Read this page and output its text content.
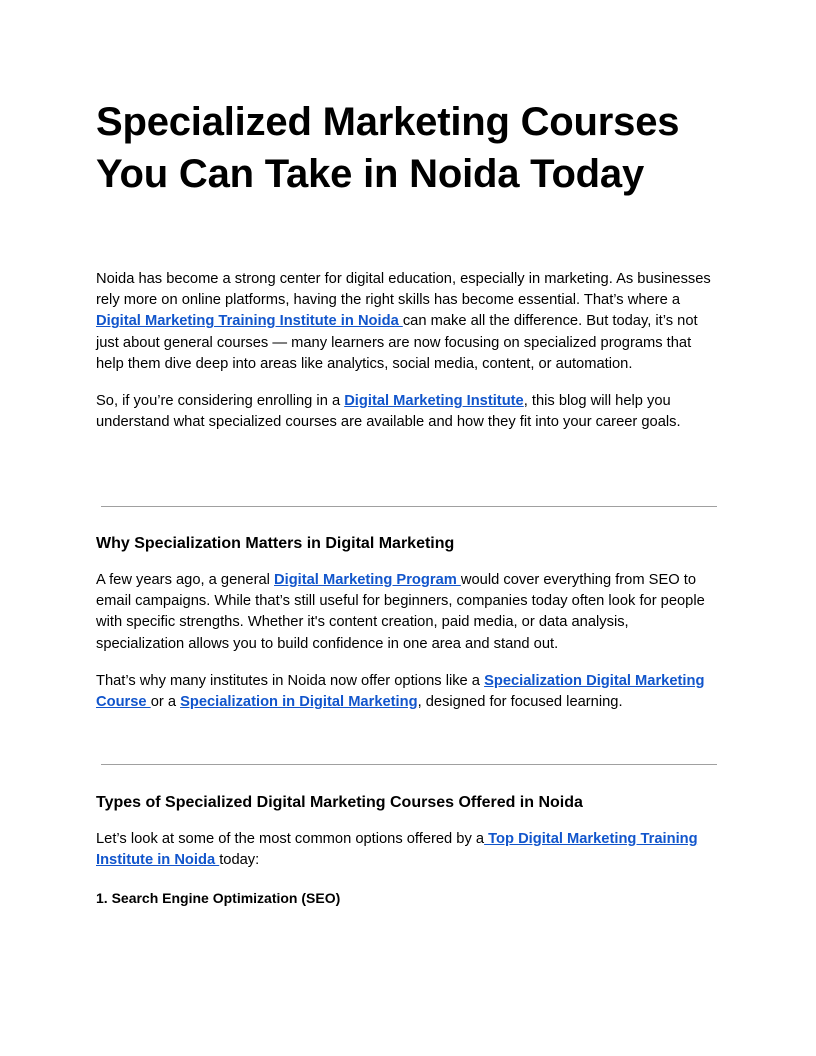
Specialized Marketing Courses You Can Take in Noida Today

Noida has become a strong center for digital education, especially in marketing. As businesses rely more on online platforms, having the right skills has become essential. That’s where a Digital Marketing Training Institute in Noida can make all the difference. But today, it’s not just about general courses — many learners are now focusing on specialized programs that help them dive deep into areas like analytics, social media, content, or automation.

So, if you’re considering enrolling in a Digital Marketing Institute, this blog will help you understand what specialized courses are available and how they fit into your career goals.

Why Specialization Matters in Digital Marketing

A few years ago, a general Digital Marketing Program would cover everything from SEO to email campaigns. While that’s still useful for beginners, companies today often look for people with specific strengths. Whether it's content creation, paid media, or data analysis, specialization allows you to build confidence in one area and stand out.

That’s why many institutes in Noida now offer options like a Specialization Digital Marketing Course or a Specialization in Digital Marketing, designed for focused learning.

Types of Specialized Digital Marketing Courses Offered in Noida

Let’s look at some of the most common options offered by a Top Digital Marketing Training Institute in Noida today:

1. Search Engine Optimization (SEO)
